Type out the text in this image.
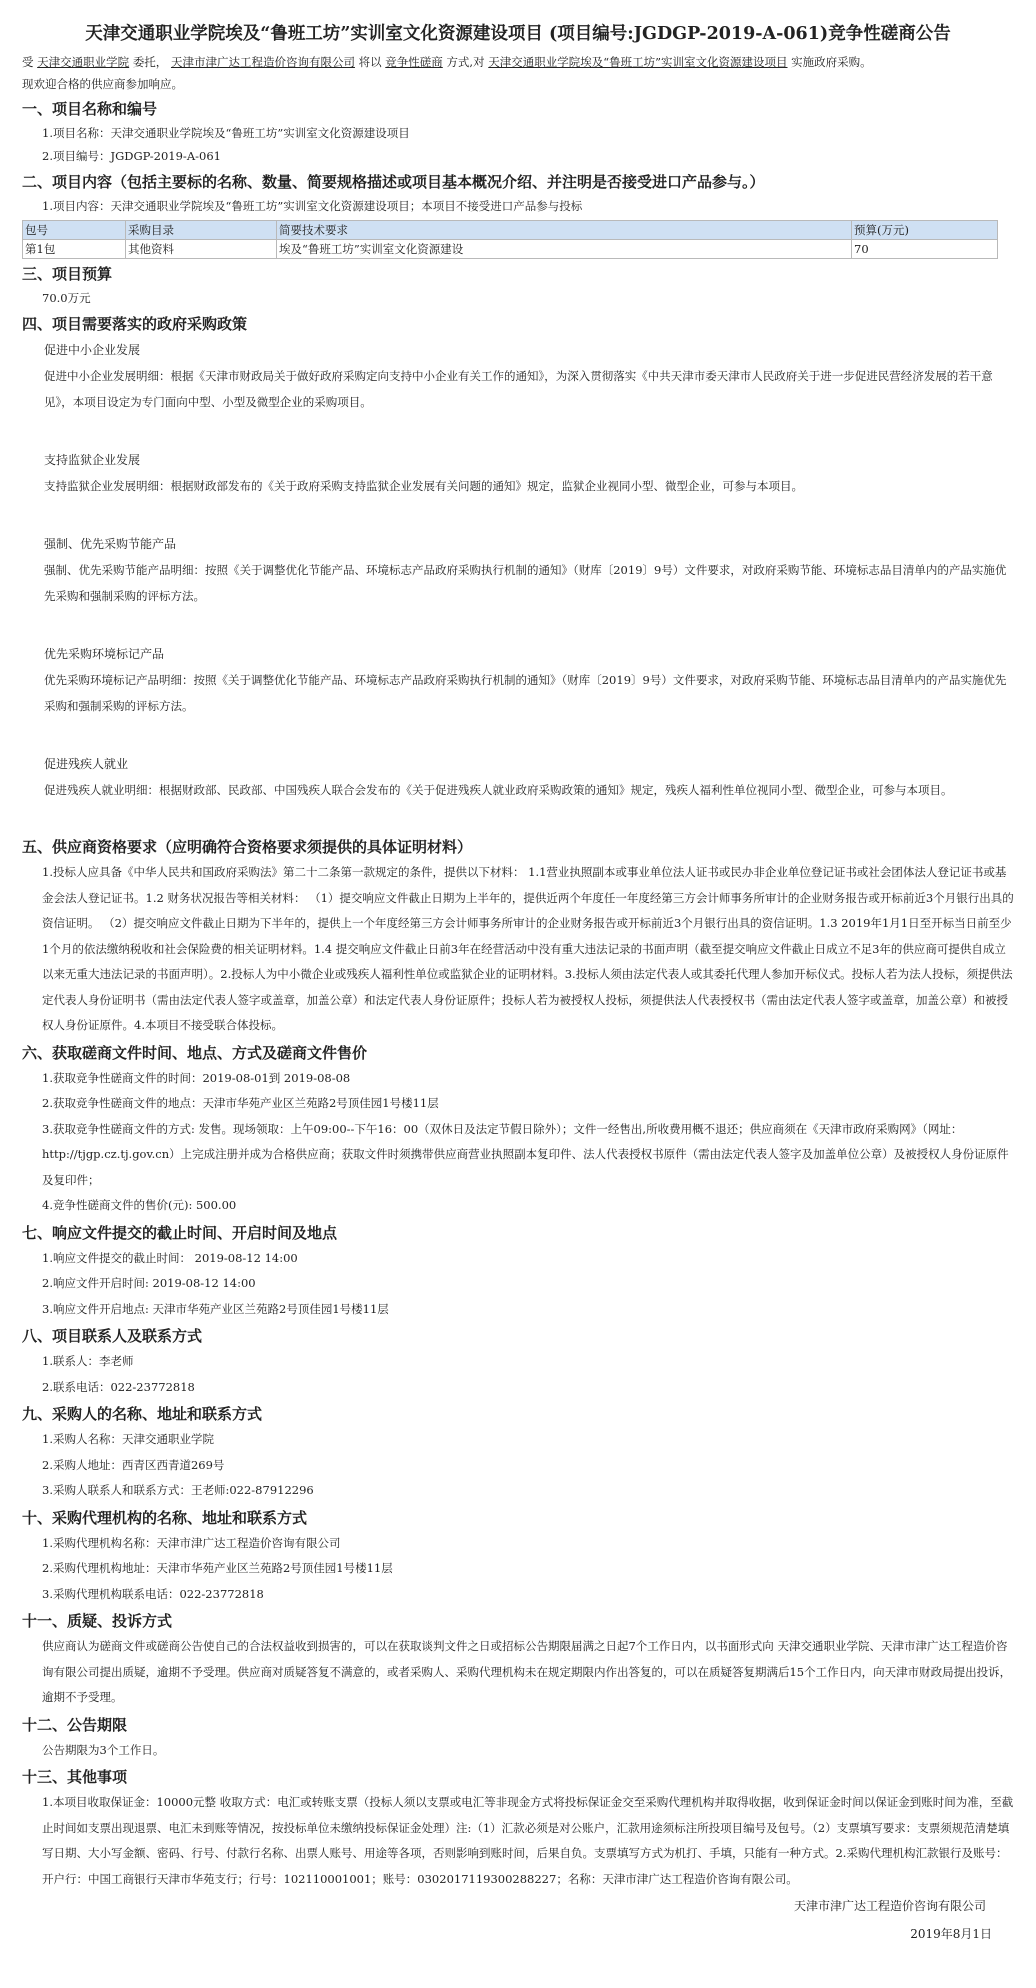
天津交通职业学院埃及“鲁班工坊”实训室文化资源建设项目 (项目编号:JGDGP-2019-A-061)竞争性磋商公告
受 天津交通职业学院 委托， 天津市津广达工程造价咨询有限公司 将以 竞争性磋商 方式,对 天津交通职业学院埃及“鲁班工坊”实训室文化资源建设项目 实施政府采购。
现欢迎合格的供应商参加响应。
一、项目名称和编号
1.项目名称：天津交通职业学院埃及“鲁班工坊”实训室文化资源建设项目
2.项目编号：JGDGP-2019-A-061
二、项目内容（包括主要标的名称、数量、简要规格描述或项目基本概况介绍、并注明是否接受进口产品参与。）
1.项目内容：天津交通职业学院埃及“鲁班工坊”实训室文化资源建设项目；本项目不接受进口产品参与投标
包号	采购目录	简要技术要求	预算(万元)
第1包	其他资料	埃及“鲁班工坊”实训室文化资源建设	70
三、项目预算
70.0万元
四、项目需要落实的政府采购政策
促进中小企业发展
促进中小企业发展明细：根据《天津市财政局关于做好政府采购定向支持中小企业有关工作的通知》，为深入贯彻落实《中共天津市委天津市人民政府关于进一步促进民营经济发展的若干意见》，本项目设定为专门面向中型、小型及微型企业的采购项目。
支持监狱企业发展
支持监狱企业发展明细：根据财政部发布的《关于政府采购支持监狱企业发展有关问题的通知》规定，监狱企业视同小型、微型企业，可参与本项目。
强制、优先采购节能产品
强制、优先采购节能产品明细：按照《关于调整优化节能产品、环境标志产品政府采购执行机制的通知》（财库〔2019〕9号）文件要求，对政府采购节能、环境标志品目清单内的产品实施优先采购和强制采购的评标方法。
优先采购环境标记产品
优先采购环境标记产品明细：按照《关于调整优化节能产品、环境标志产品政府采购执行机制的通知》（财库〔2019〕9号）文件要求，对政府采购节能、环境标志品目清单内的产品实施优先采购和强制采购的评标方法。
促进残疾人就业
促进残疾人就业明细：根据财政部、民政部、中国残疾人联合会发布的《关于促进残疾人就业政府采购政策的通知》规定，残疾人福利性单位视同小型、微型企业，可参与本项目。
五、供应商资格要求（应明确符合资格要求须提供的具体证明材料）
1.投标人应具备《中华人民共和国政府采购法》第二十二条第一款规定的条件，提供以下材料： 1.1营业执照副本或事业单位法人证书或民办非企业单位登记证书或社会团体法人登记证书或基金会法人登记证书。1.2 财务状况报告等相关材料： （1）提交响应文件截止日期为上半年的，提供近两个年度任一年度经第三方会计师事务所审计的企业财务报告或开标前近3个月银行出具的资信证明。 （2）提交响应文件截止日期为下半年的，提供上一个年度经第三方会计师事务所审计的企业财务报告或开标前近3个月银行出具的资信证明。1.3 2019年1月1日至开标当日前至少1个月的依法缴纳税收和社会保险费的相关证明材料。1.4 提交响应文件截止日前3年在经营活动中没有重大违法记录的书面声明（截至提交响应文件截止日成立不足3年的供应商可提供自成立以来无重大违法记录的书面声明）。2.投标人为中小微企业或残疾人福利性单位或监狱企业的证明材料。3.投标人须由法定代表人或其委托代理人参加开标仪式。投标人若为法人投标，须提供法定代表人身份证明书（需由法定代表人签字或盖章，加盖公章）和法定代表人身份证原件；投标人若为被授权人投标，须提供法人代表授权书（需由法定代表人签字或盖章，加盖公章）和被授权人身份证原件。4.本项目不接受联合体投标。
六、获取磋商文件时间、地点、方式及磋商文件售价
1.获取竞争性磋商文件的时间：2019-08-01到 2019-08-08
2.获取竞争性磋商文件的地点：天津市华苑产业区兰苑路2号顶佳园1号楼11层
3.获取竞争性磋商文件的方式: 发售。现场领取：上午09:00--下午16：00（双休日及法定节假日除外）；文件一经售出,所收费用概不退还；供应商须在《天津市政府采购网》（网址：http://tjgp.cz.tj.gov.cn）上完成注册并成为合格供应商；获取文件时须携带供应商营业执照副本复印件、法人代表授权书原件（需由法定代表人签字及加盖单位公章）及被授权人身份证原件及复印件；
4.竞争性磋商文件的售价(元): 500.00
七、响应文件提交的截止时间、开启时间及地点
1.响应文件提交的截止时间： 2019-08-12 14:00
2.响应文件开启时间: 2019-08-12 14:00
3.响应文件开启地点: 天津市华苑产业区兰苑路2号顶佳园1号楼11层
八、项目联系人及联系方式
1.联系人：李老师
2.联系电话：022-23772818
九、采购人的名称、地址和联系方式
1.采购人名称：天津交通职业学院
2.采购人地址：西青区西青道269号
3.采购人联系人和联系方式：王老师:022-87912296
十、采购代理机构的名称、地址和联系方式
1.采购代理机构名称：天津市津广达工程造价咨询有限公司
2.采购代理机构地址：天津市华苑产业区兰苑路2号顶佳园1号楼11层
3.采购代理机构联系电话：022-23772818
十一、质疑、投诉方式
供应商认为磋商文件或磋商公告使自己的合法权益收到损害的，可以在获取谈判文件之日或招标公告期限届满之日起7个工作日内，以书面形式向 天津交通职业学院、天津市津广达工程造价咨询有限公司提出质疑，逾期不予受理。供应商对质疑答复不满意的，或者采购人、采购代理机构未在规定期限内作出答复的，可以在质疑答复期满后15个工作日内，向天津市财政局提出投诉，逾期不予受理。
十二、公告期限
公告期限为3个工作日。
十三、其他事项
1.本项目收取保证金：10000元整 收取方式：电汇或转账支票（投标人须以支票或电汇等非现金方式将投标保证金交至采购代理机构并取得收据，收到保证金时间以保证金到账时间为准，至截止时间如支票出现退票、电汇未到账等情况，按投标单位未缴纳投标保证金处理）注:（1）汇款必须是对公账户，汇款用途须标注所投项目编号及包号。（2）支票填写要求：支票须规范清楚填写日期、大小写金额、密码、行号、付款行名称、出票人账号、用途等各项，否则影响到账时间，后果自负。支票填写方式为机打、手填，只能有一种方式。2.采购代理机构汇款银行及账号：开户行：中国工商银行天津市华苑支行；行号：102110001001；账号：0302017119300288227；名称：天津市津广达工程造价咨询有限公司。
天津市津广达工程造价咨询有限公司
2019年8月1日
